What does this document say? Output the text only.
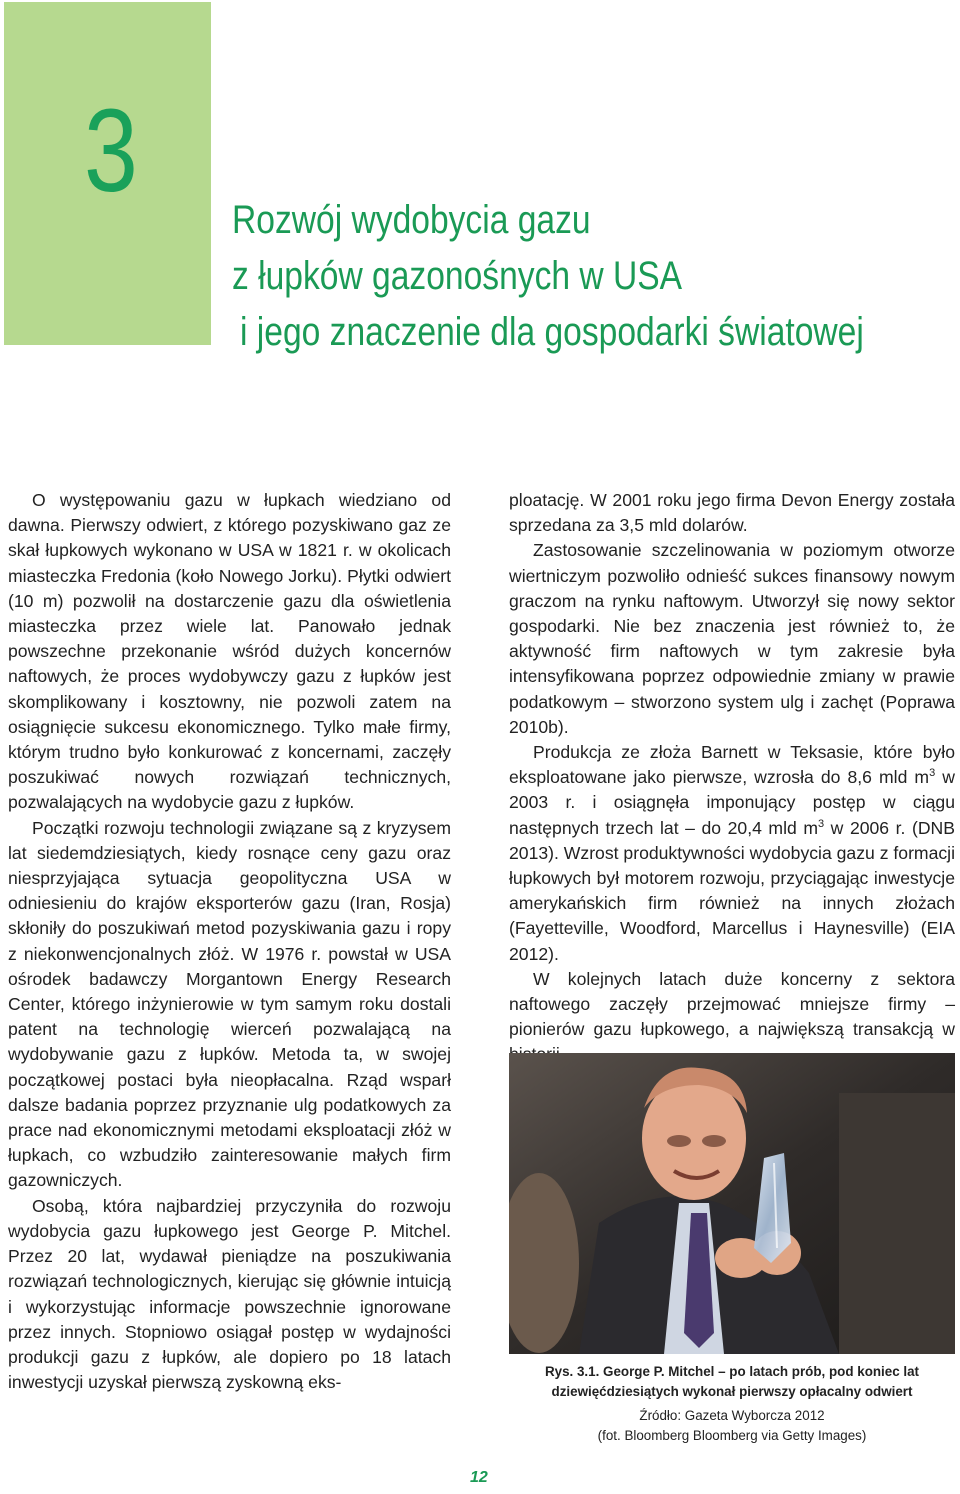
3
Rozwój wydobycia gazu
z łupków gazonośnych w USA
i jego znaczenie dla gospodarki światowej

O występowaniu gazu w łupkach wiedziano od dawna. Pierwszy odwiert, z którego pozyskiwano gaz ze skał łupkowych wykonano w USA w 1821 r. w okolicach miasteczka Fredonia (koło Nowego Jorku). Płytki odwiert (10 m) pozwolił na dostarczenie gazu dla oświetlenia miasteczka przez wiele lat. Panowało jednak powszechne przekonanie wśród dużych koncernów naftowych, że proces wydobywczy gazu z łupków jest skomplikowany i kosztowny, nie pozwoli zatem na osiągnięcie sukcesu ekonomicznego. Tylko małe firmy, którym trudno było konkurować z koncernami, zaczęły poszukiwać nowych rozwiązań technicznych, pozwalających na wydobycie gazu z łupków.

Początki rozwoju technologii związane są z kryzysem lat siedemdziesiątych, kiedy rosnące ceny gazu oraz niesprzyjająca sytuacja geopolityczna USA w odniesieniu do krajów eksporterów gazu (Iran, Rosja) skłoniły do poszukiwań metod pozyskiwania gazu i ropy z niekonwencjonalnych złóż. W 1976 r. powstał w USA ośrodek badawczy Morgantown Energy Research Center, którego inżynierowie w tym samym roku dostali patent na technologię wierceń pozwalającą na wydobywanie gazu z łupków. Metoda ta, w swojej początkowej postaci była nieopłacalna. Rząd wsparł dalsze badania poprzez przyznanie ulg podatkowych za prace nad ekonomicznymi metodami eksploatacji złóż w łupkach, co wzbudziło zainteresowanie małych firm gazowniczych.

Osobą, która najbardziej przyczyniła do rozwoju wydobycia gazu łupkowego jest George P. Mitchel. Przez 20 lat, wydawał pieniądze na poszukiwania rozwiązań technologicznych, kierując się głównie intuicją i wykorzystując informacje powszechnie ignorowane przez innych. Stopniowo osiągał postęp w wydajności produkcji gazu z łupków, ale dopiero po 18 latach inwestycji uzyskał pierwszą zyskowną eks-

ploatację. W 2001 roku jego firma Devon Energy została sprzedana za 3,5 mld dolarów.

Zastosowanie szczelinowania w poziomym otworze wiertniczym pozwoliło odnieść sukces finansowy nowym graczom na rynku naftowym. Utworzył się nowy sektor gospodarki. Nie bez znaczenia jest również to, że aktywność firm naftowych w tym zakresie była intensyfikowana poprzez odpowiednie zmiany w prawie podatkowym – stworzono system ulg i zachęt (Poprawa 2010b).

Produkcja ze złoża Barnett w Teksasie, które było eksploatowane jako pierwsze, wzrosła do 8,6 mld $m^3$ w 2003 r. i osiągnęła imponujący postęp w ciągu następnych trzech lat – do 20,4 mld $m^3$ w 2006 r. (DNB 2013). Wzrost produktywności wydobycia gazu z formacji łupkowych był motorem rozwoju, przyciągając inwestycje amerykańskich firm również na innych złożach (Fayetteville, Woodford, Marcellus i Haynesville) (EIA 2012).

W kolejnych latach duże koncerny z sektora naftowego zaczęły przejmować mniejsze firmy – pionierów gazu łupkowego, a największą transakcją w

Rys. 3.1. George P. Mitchel – po latach prób, pod koniec lat
dziewięćdziesiątych wykonał pierwszy opłacalny odwiert
Źródło: Gazeta Wyborcza 2012
(fot. Bloomberg Bloomberg via Getty Images)
12
